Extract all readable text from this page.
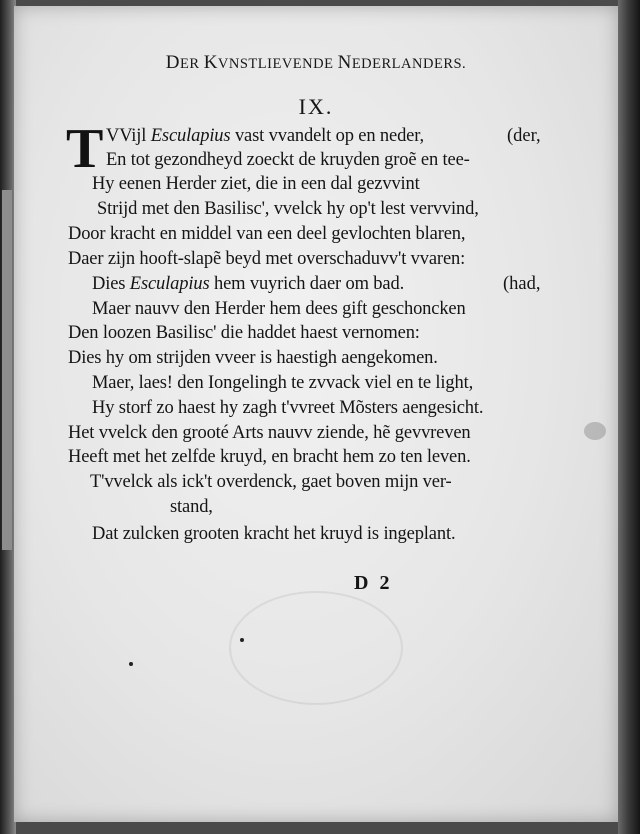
DER KVNSTLIEVENDE NEDERLANDERS.
IX.
T VVijl Esculapius vast vvandelt op en neder,	(der,
En tot gezondheyd zoeckt de kruyden groẽ en tee-
Hy eenen Herder ziet, die in een dal gezvvint
Strijd met den Basilisc', vvelck hy op't lest vervvind,
Door kracht en middel van een deel gevlochten blaren,
Daer zijn hooft-slapẽ beyd met overschaduvv't vvaren:
Dies Esculapius hem vuyrich daer om bad.	(had,
Maer nauvv den Herder hem dees gift geschoncken
Den loozen Basilisc' die haddet haest vernomen:
Dies hy om strijden vveer is haestigh aengekomen.
Maer, laes! den Iongelingh te zvvack viel en te light,
Hy storf zo haest hy zagh t'vvreet Mõsters aengesicht.
Het vvelck den grooté Arts nauvv ziende, hẽ gevvreven
Heeft met het zelfde kruyd, en bracht hem zo ten leven.
T'vvelck als ick't overdenck, gaet boven mijn ver-
stand,
Dat zulcken grooten kracht het kruyd is ingeplant.
D 2
